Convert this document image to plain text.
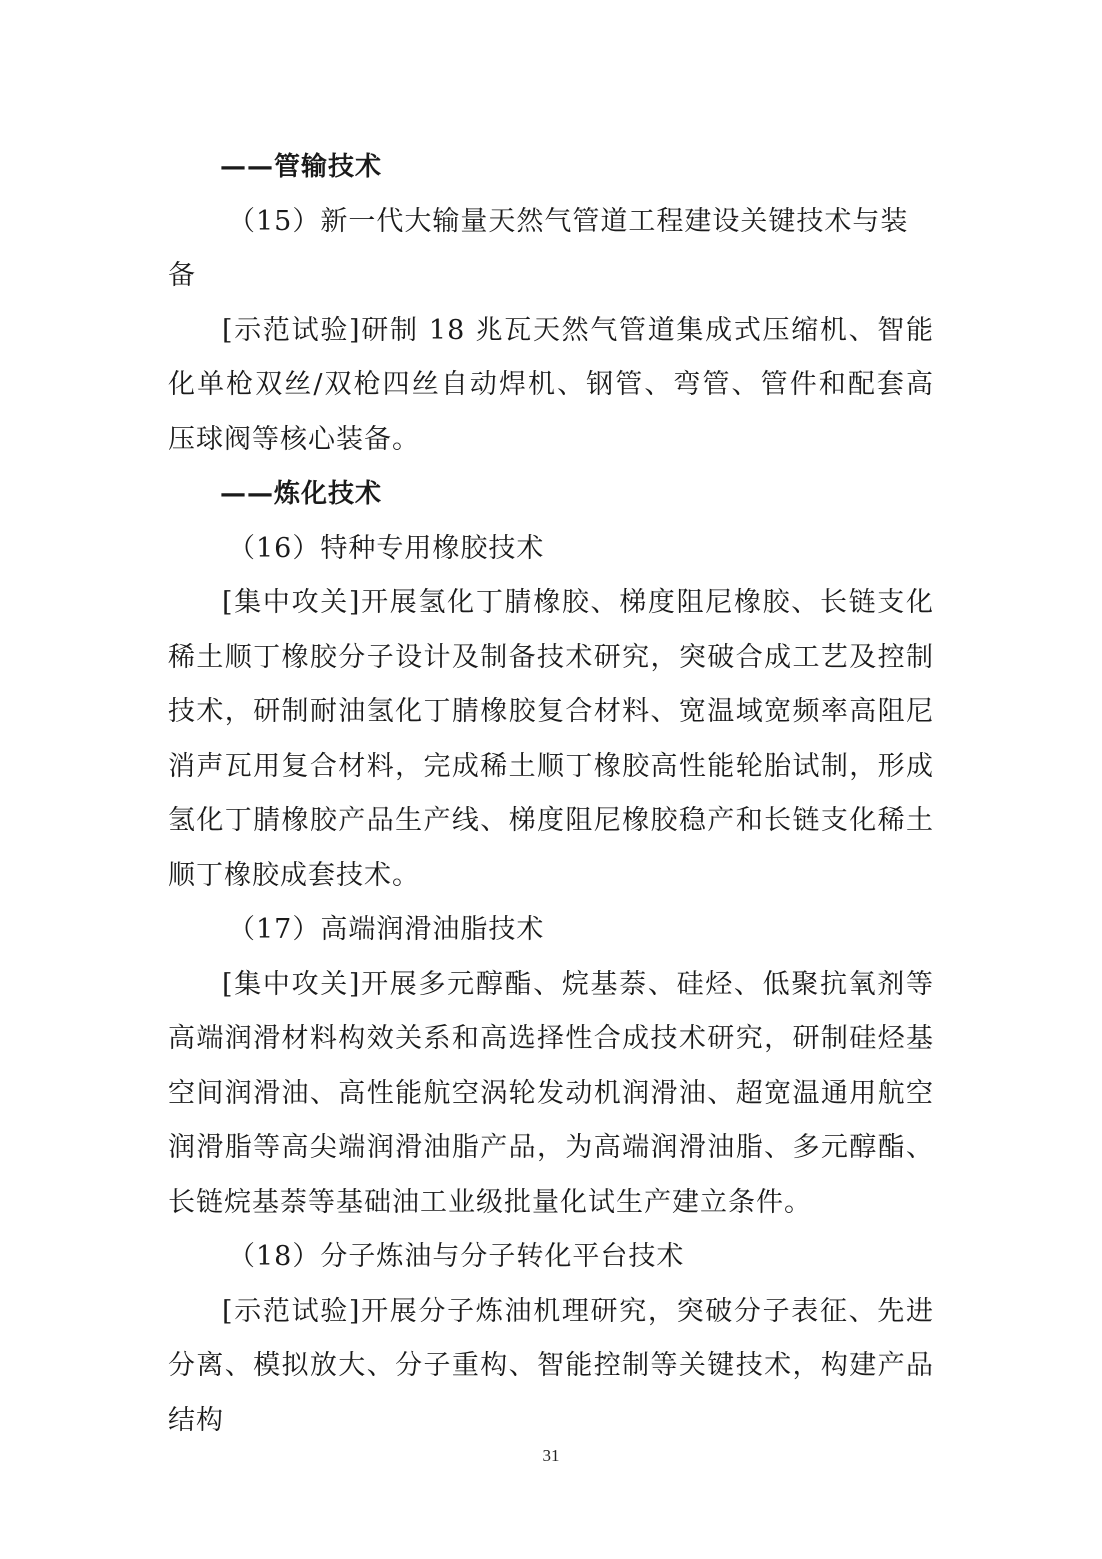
——管输技术

（15）新一代大输量天然气管道工程建设关键技术与装备

[示范试验]研制 18 兆瓦天然气管道集成式压缩机、智能化单枪双丝/双枪四丝自动焊机、钢管、弯管、管件和配套高压球阀等核心装备。

——炼化技术

（16）特种专用橡胶技术

[集中攻关]开展氢化丁腈橡胶、梯度阻尼橡胶、长链支化稀土顺丁橡胶分子设计及制备技术研究，突破合成工艺及控制技术，研制耐油氢化丁腈橡胶复合材料、宽温域宽频率高阻尼消声瓦用复合材料，完成稀土顺丁橡胶高性能轮胎试制，形成氢化丁腈橡胶产品生产线、梯度阻尼橡胶稳产和长链支化稀土顺丁橡胶成套技术。

（17）高端润滑油脂技术

[集中攻关]开展多元醇酯、烷基萘、硅烃、低聚抗氧剂等高端润滑材料构效关系和高选择性合成技术研究，研制硅烃基空间润滑油、高性能航空涡轮发动机润滑油、超宽温通用航空润滑脂等高尖端润滑油脂产品，为高端润滑油脂、多元醇酯、长链烷基萘等基础油工业级批量化试生产建立条件。

（18）分子炼油与分子转化平台技术

[示范试验]开展分子炼油机理研究，突破分子表征、先进分离、模拟放大、分子重构、智能控制等关键技术，构建产品结构

31
